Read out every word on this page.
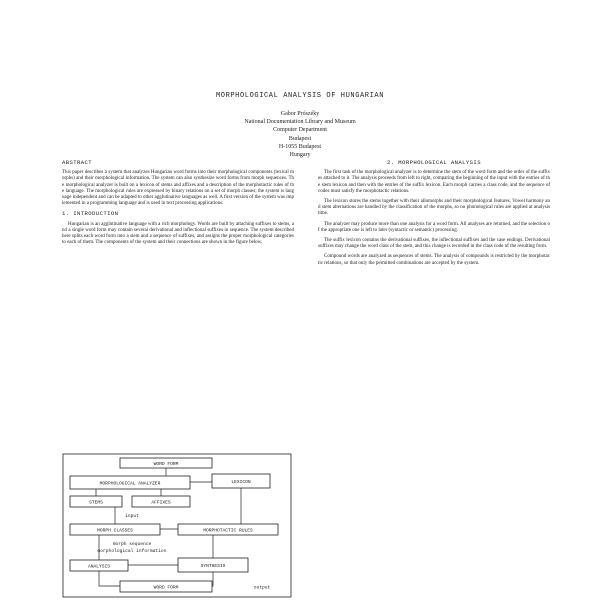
MORPHOLOGICAL ANALYSIS OF HUNGARIAN
Gabor Prószéky
National Documentation Library and Museum
Computer Department
Budapest
H-1055 Budapest
Hungary
ABSTRACT

This paper describes a system that analyzes Hungarian word forms into their morphological components (lexical morphs) and their morphological information. The system can also synthesize word forms from morph sequences. The morphological analyzer is built on a lexicon of stems and affixes and a description of the morphotactic rules of the language. The morphological rules are expressed by binary relations on a set of morph classes; the system is language independent and can be adapted to other agglutinative languages as well. A first version of the system was implemented in a programming language and is used in text processing applications.

1. INTRODUCTION

Hungarian is an agglutinative language with a rich morphology. Words are built by attaching suffixes to stems, and a single word form may contain several derivational and inflectional suffixes in sequence. The system described here splits each word form into a stem and a sequence of suffixes, and assigns the proper morphological categories to each of them. The components of the system and their connections are shown in the figure below.

2. MORPHOLOGICAL ANALYSIS

The first task of the morphological analyzer is to determine the stem of the word form and the order of the suffixes attached to it. The analysis proceeds from left to right, comparing the beginning of the input with the entries of the stem lexicon and then with the entries of the suffix lexicon. Each morph carries a class code, and the sequence of codes must satisfy the morphotactic relations.

The lexicon stores the stems together with their allomorphs and their morphological features. Vowel harmony and stem alternations are handled by the classification of the morphs, so no phonological rules are applied at analysis time.

The analyzer may produce more than one analysis for a word form. All analyses are returned, and the selection of the appropriate one is left to later (syntactic or semantic) processing.

The suffix lexicon contains the derivational suffixes, the inflectional suffixes and the case endings. Derivational suffixes may change the word class of the stem, and this change is recorded in the class code of the resulting form.

Compound words are analyzed as sequences of stems. The analysis of compounds is restricted by the morphotactic relations, so that only the permitted combinations are accepted by the system.

WORD FORM
MORPHOLOGICAL ANALYZER	LEXICON
STEMS	AFFIXES
input
MORPH CLASSES	MORPHOTACTIC RULES
morph sequence
morphological information
ANALYSIS	SYNTHESIS
WORD FORM	output
